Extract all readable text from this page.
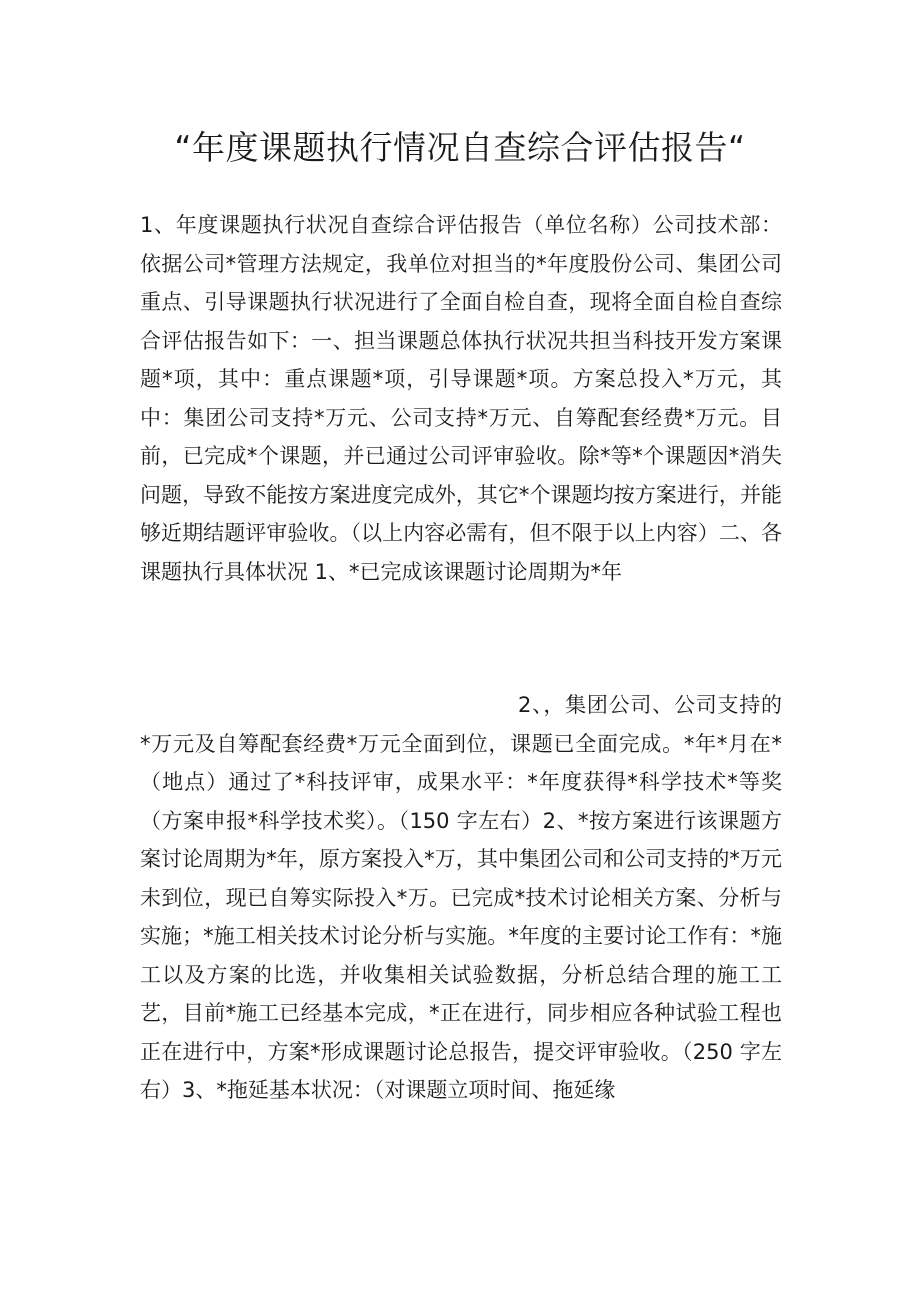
“年度课题执行情况自查综合评估报告“

1、年度课题执行状况自查综合评估报告（单位名称）公司技术部：依据公司*管理方法规定，我单位对担当的*年度股份公司、集团公司重点、引导课题执行状况进行了全面自检自查，现将全面自检自查综合评估报告如下：一、担当课题总体执行状况共担当科技开发方案课题*项，其中：重点课题*项，引导课题*项。方案总投入*万元，其中：集团公司支持*万元、公司支持*万元、自筹配套经费*万元。目前，已完成*个课题，并已通过公司评审验收。除*等*个课题因*消失问题，导致不能按方案进度完成外，其它*个课题均按方案进行，并能够近期结题评审验收。（以上内容必需有，但不限于以上内容）二、各课题执行具体状况 1、*已完成该课题讨论周期为*年

2、，集团公司、公司支持的*万元及自筹配套经费*万元全面到位，课题已全面完成。*年*月在*（地点）通过了*科技评审，成果水平：*年度获得*科学技术*等奖（方案申报*科学技术奖）。（150 字左右）2、*按方案进行该课题方案讨论周期为*年，原方案投入*万，其中集团公司和公司支持的*万元未到位，现已自筹实际投入*万。已完成*技术讨论相关方案、分析与实施；*施工相关技术讨论分析与实施。*年度的主要讨论工作有：*施工以及方案的比选，并收集相关试验数据，分析总结合理的施工工艺，目前*施工已经基本完成，*正在进行，同步相应各种试验工程也正在进行中，方案*形成课题讨论总报告，提交评审验收。（250 字左右）3、*拖延基本状况：（对课题立项时间、拖延缘
